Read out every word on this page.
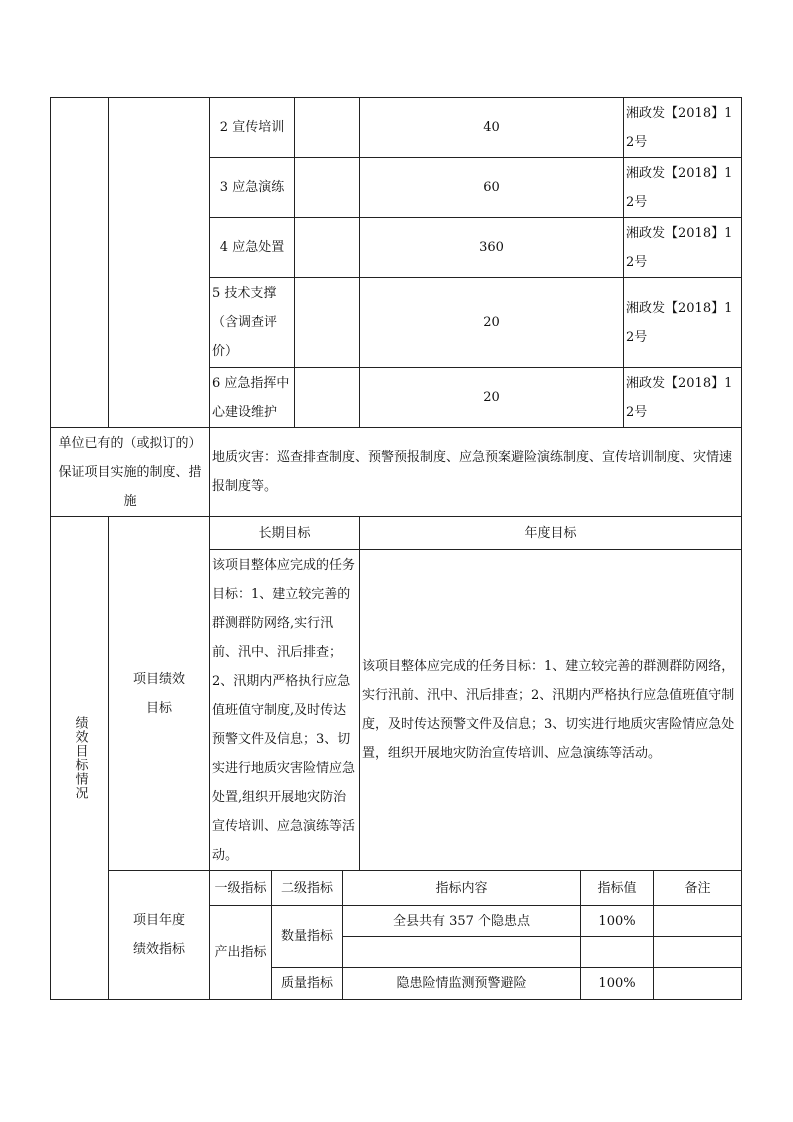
		2 宣传培训		40	湘政发【2018】12号
		3 应急演练		60	湘政发【2018】12号
		4 应急处置		360	湘政发【2018】12号
		5 技术支撑（含调查评价）		20	湘政发【2018】12号
		6 应急指挥中心建设维护		20	湘政发【2018】12号
单位已有的（或拟订的）保证项目实施的制度、措施		地质灾害：巡查排查制度、预警预报制度、应急预案避险演练制度、宣传培训制度、灾情速报制度等。			
绩效目标情况	项目绩效目标	长期目标			年度目标		
		该项目整体应完成的任务目标：1、建立较完善的群测群防网络,实行汛前、汛中、汛后排查；2、汛期内严格执行应急值班值守制度,及时传达预警文件及信息；3、切实进行地质灾害险情应急处置,组织开展地灾防治宣传培训、应急演练等活动。			该项目整体应完成的任务目标：1、建立较完善的群测群防网络，实行汛前、汛中、汛后排查；2、汛期内严格执行应急值班值守制度，及时传达预警文件及信息；3、切实进行地质灾害险情应急处置，组织开展地灾防治宣传培训、应急演练等活动。		
	项目年度绩效指标	一级指标	二级指标	指标内容		指标值	备注
		产出指标	数量指标	全县共有 357 个隐患点		100%	

			质量指标	隐患险情监测预警避险		100%	
